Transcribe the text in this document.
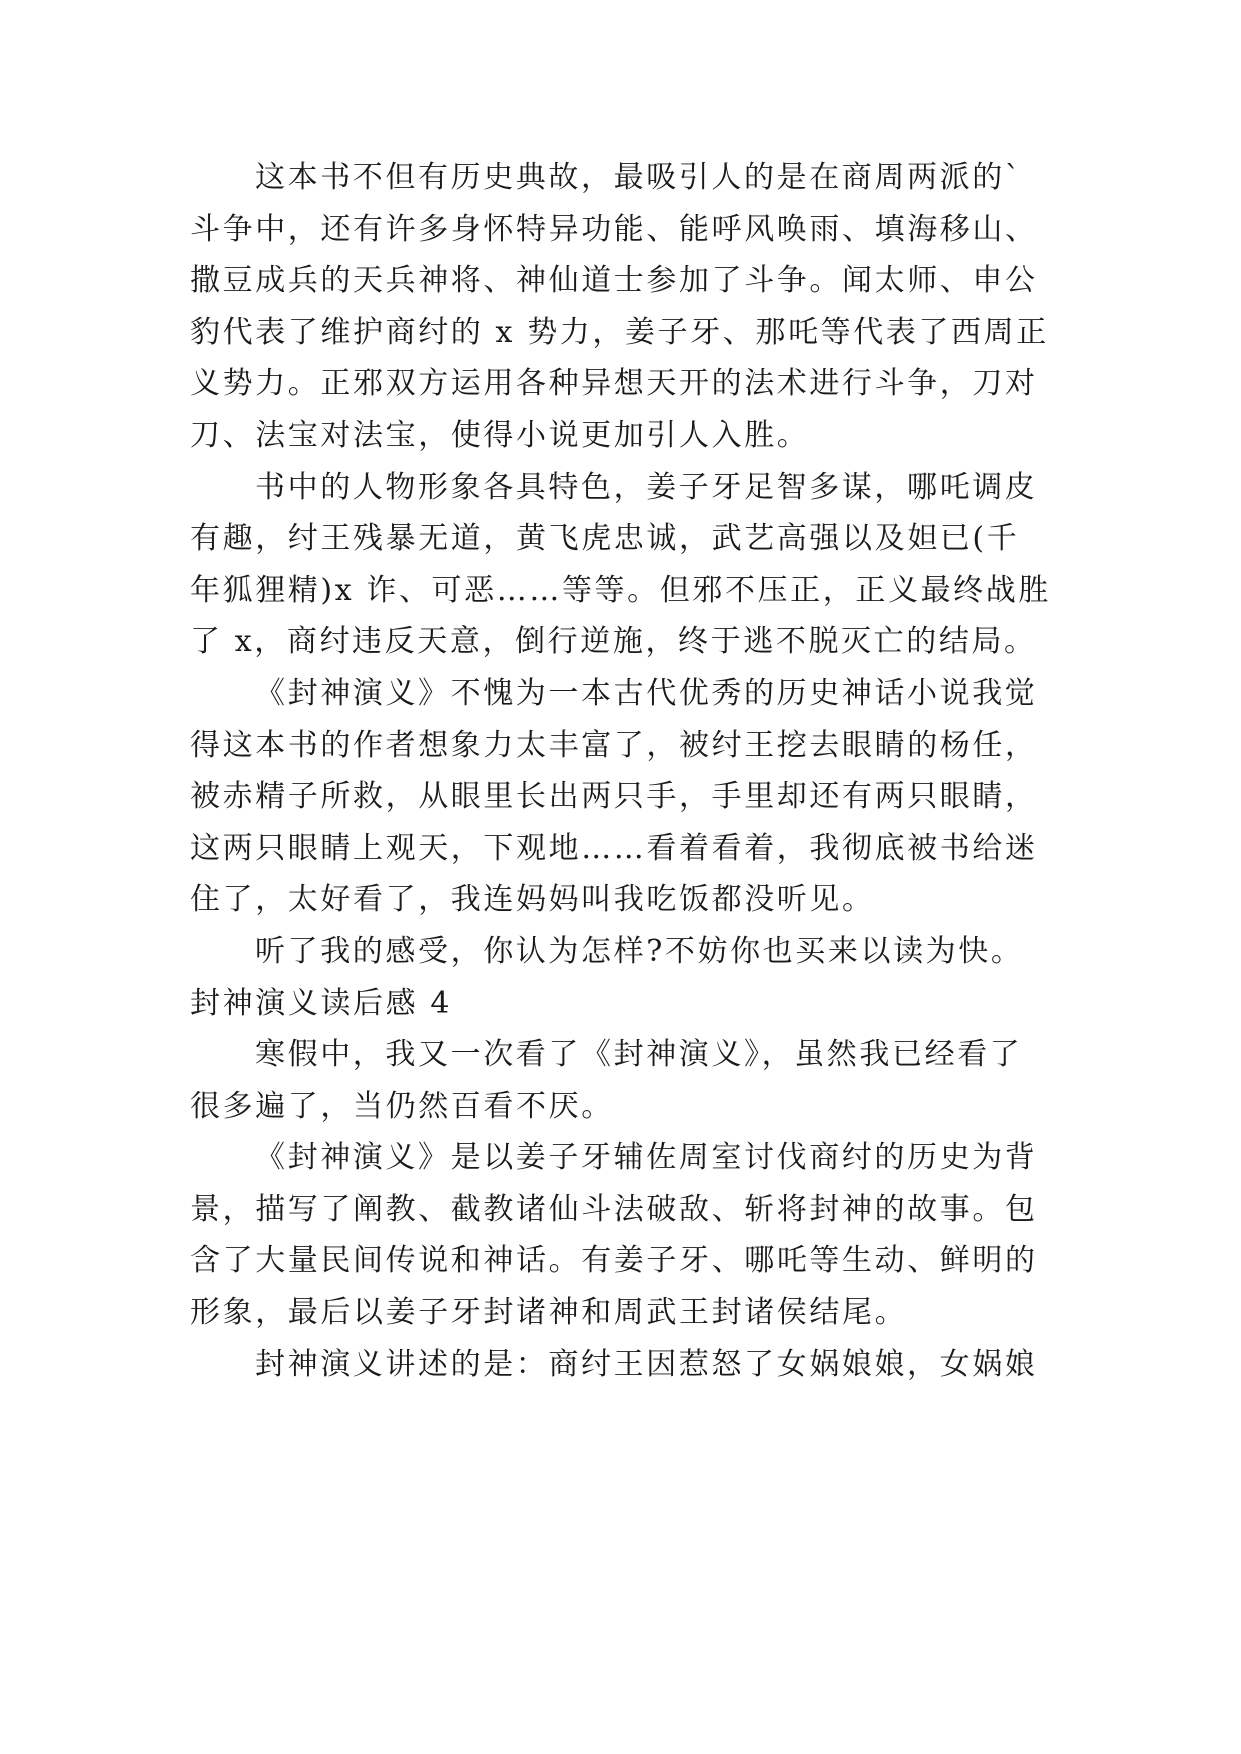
这本书不但有历史典故，最吸引人的是在商周两派的`
斗争中，还有许多身怀特异功能、能呼风唤雨、填海移山、
撒豆成兵的天兵神将、神仙道士参加了斗争。闻太师、申公
豹代表了维护商纣的 x 势力，姜子牙、那吒等代表了西周正
义势力。正邪双方运用各种异想天开的法术进行斗争，刀对
刀、法宝对法宝，使得小说更加引人入胜。
书中的人物形象各具特色，姜子牙足智多谋，哪吒调皮
有趣，纣王残暴无道，黄飞虎忠诚，武艺高强以及妲已(千
年狐狸精)x 诈、可恶……等等。但邪不压正，正义最终战胜
了 x，商纣违反天意，倒行逆施，终于逃不脱灭亡的结局。
《封神演义》不愧为一本古代优秀的历史神话小说我觉
得这本书的作者想象力太丰富了，被纣王挖去眼睛的杨任，
被赤精子所救，从眼里长出两只手，手里却还有两只眼睛，
这两只眼睛上观天，下观地……看着看着，我彻底被书给迷
住了，太好看了，我连妈妈叫我吃饭都没听见。
听了我的感受，你认为怎样?不妨你也买来以读为快。
封神演义读后感 4
寒假中，我又一次看了《封神演义》，虽然我已经看了
很多遍了，当仍然百看不厌。
《封神演义》是以姜子牙辅佐周室讨伐商纣的历史为背
景，描写了阐教、截教诸仙斗法破敌、斩将封神的故事。包
含了大量民间传说和神话。有姜子牙、哪吒等生动、鲜明的
形象，最后以姜子牙封诸神和周武王封诸侯结尾。
封神演义讲述的是：商纣王因惹怒了女娲娘娘，女娲娘
